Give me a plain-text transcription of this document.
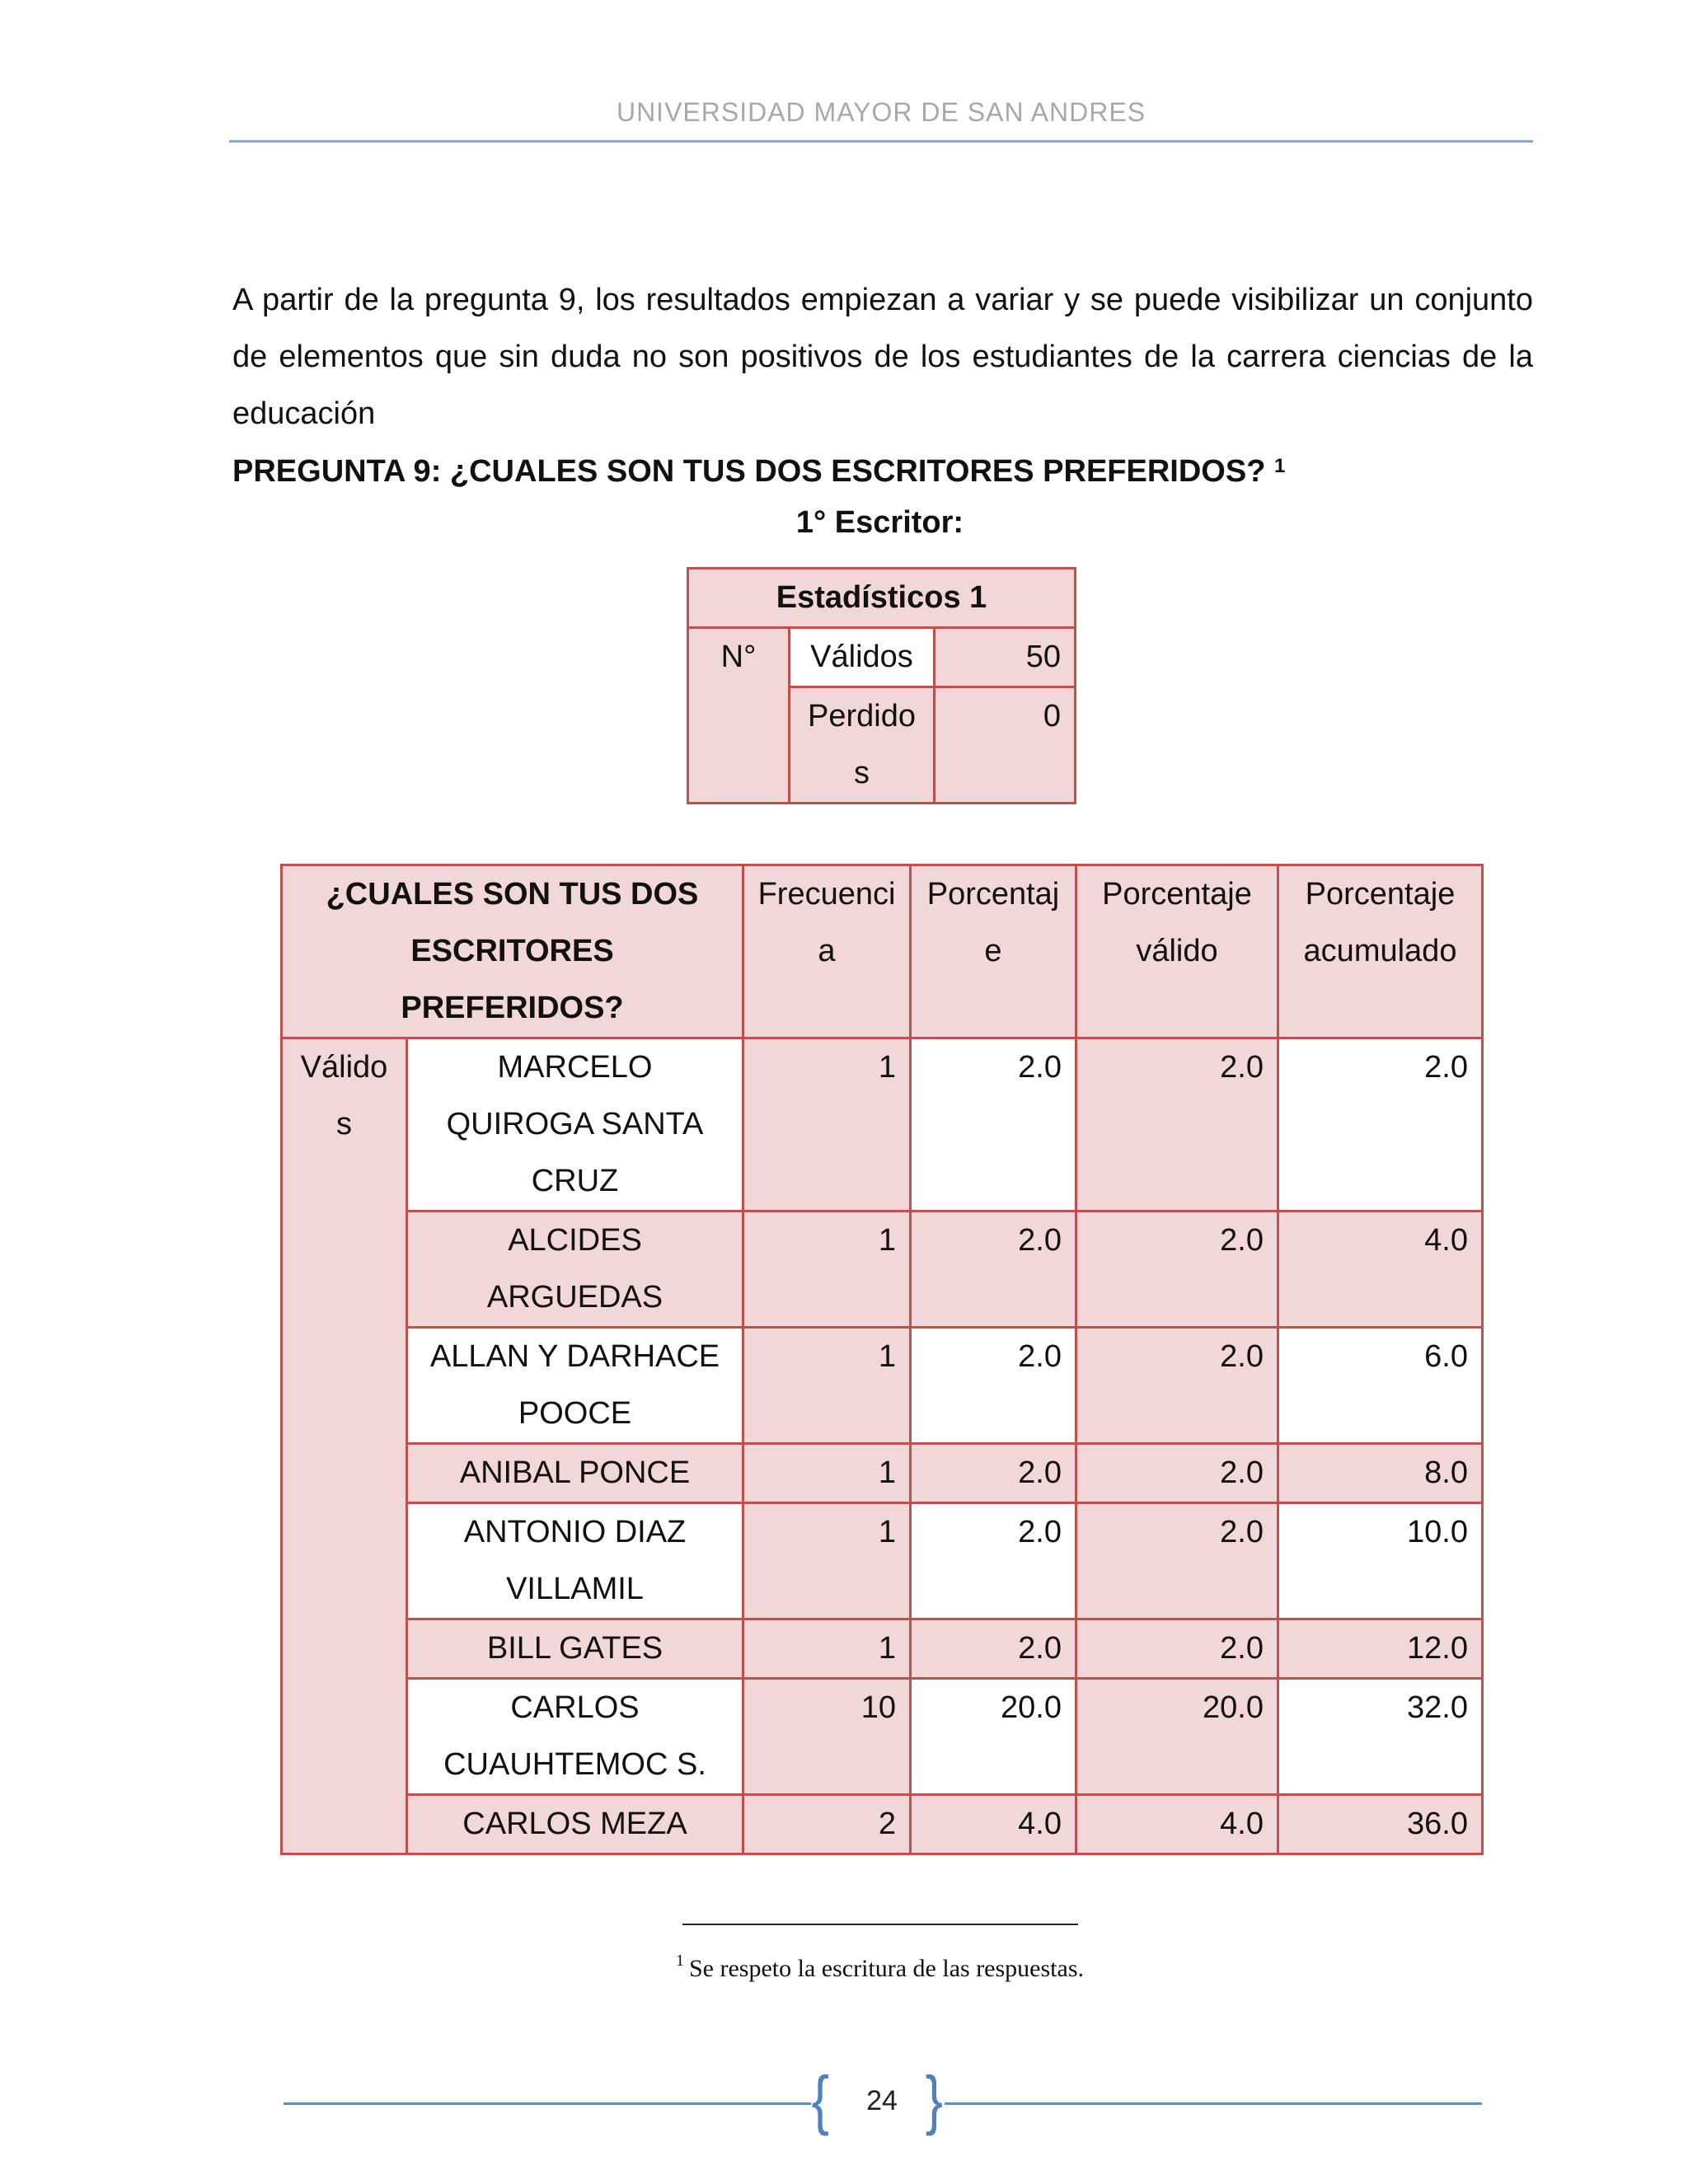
UNIVERSIDAD MAYOR DE SAN ANDRES

A partir de la pregunta 9, los resultados empiezan a variar y se puede visibilizar un conjunto de elementos que sin duda no son positivos de los estudiantes de la carrera ciencias de la educación

PREGUNTA 9: ¿CUALES SON TUS DOS ESCRITORES PREFERIDOS? $^1$

1° Escritor:
Estadísticos 1		
N°	Válidos	50
	Perdidos	0
¿CUALES SON TUS DOS ESCRITORES PREFERIDOS?		Frecuencia	Porcentaje	Porcentaje válido	Porcentaje acumulado
Válidos	MARCELO QUIROGA SANTA CRUZ	1	2.0	2.0	2.0
	ALCIDES ARGUEDAS	1	2.0	2.0	4.0
	ALLAN Y DARHACE POOCE	1	2.0	2.0	6.0
	ANIBAL PONCE	1	2.0	2.0	8.0
	ANTONIO DIAZ VILLAMIL	1	2.0	2.0	10.0
	BILL GATES	1	2.0	2.0	12.0
	CARLOS CUAUHTEMOC S.	10	20.0	20.0	32.0
	CARLOS MEZA	2	4.0	4.0	36.0
$^1$ Se respeto la escritura de las respuestas.
{	24 }
